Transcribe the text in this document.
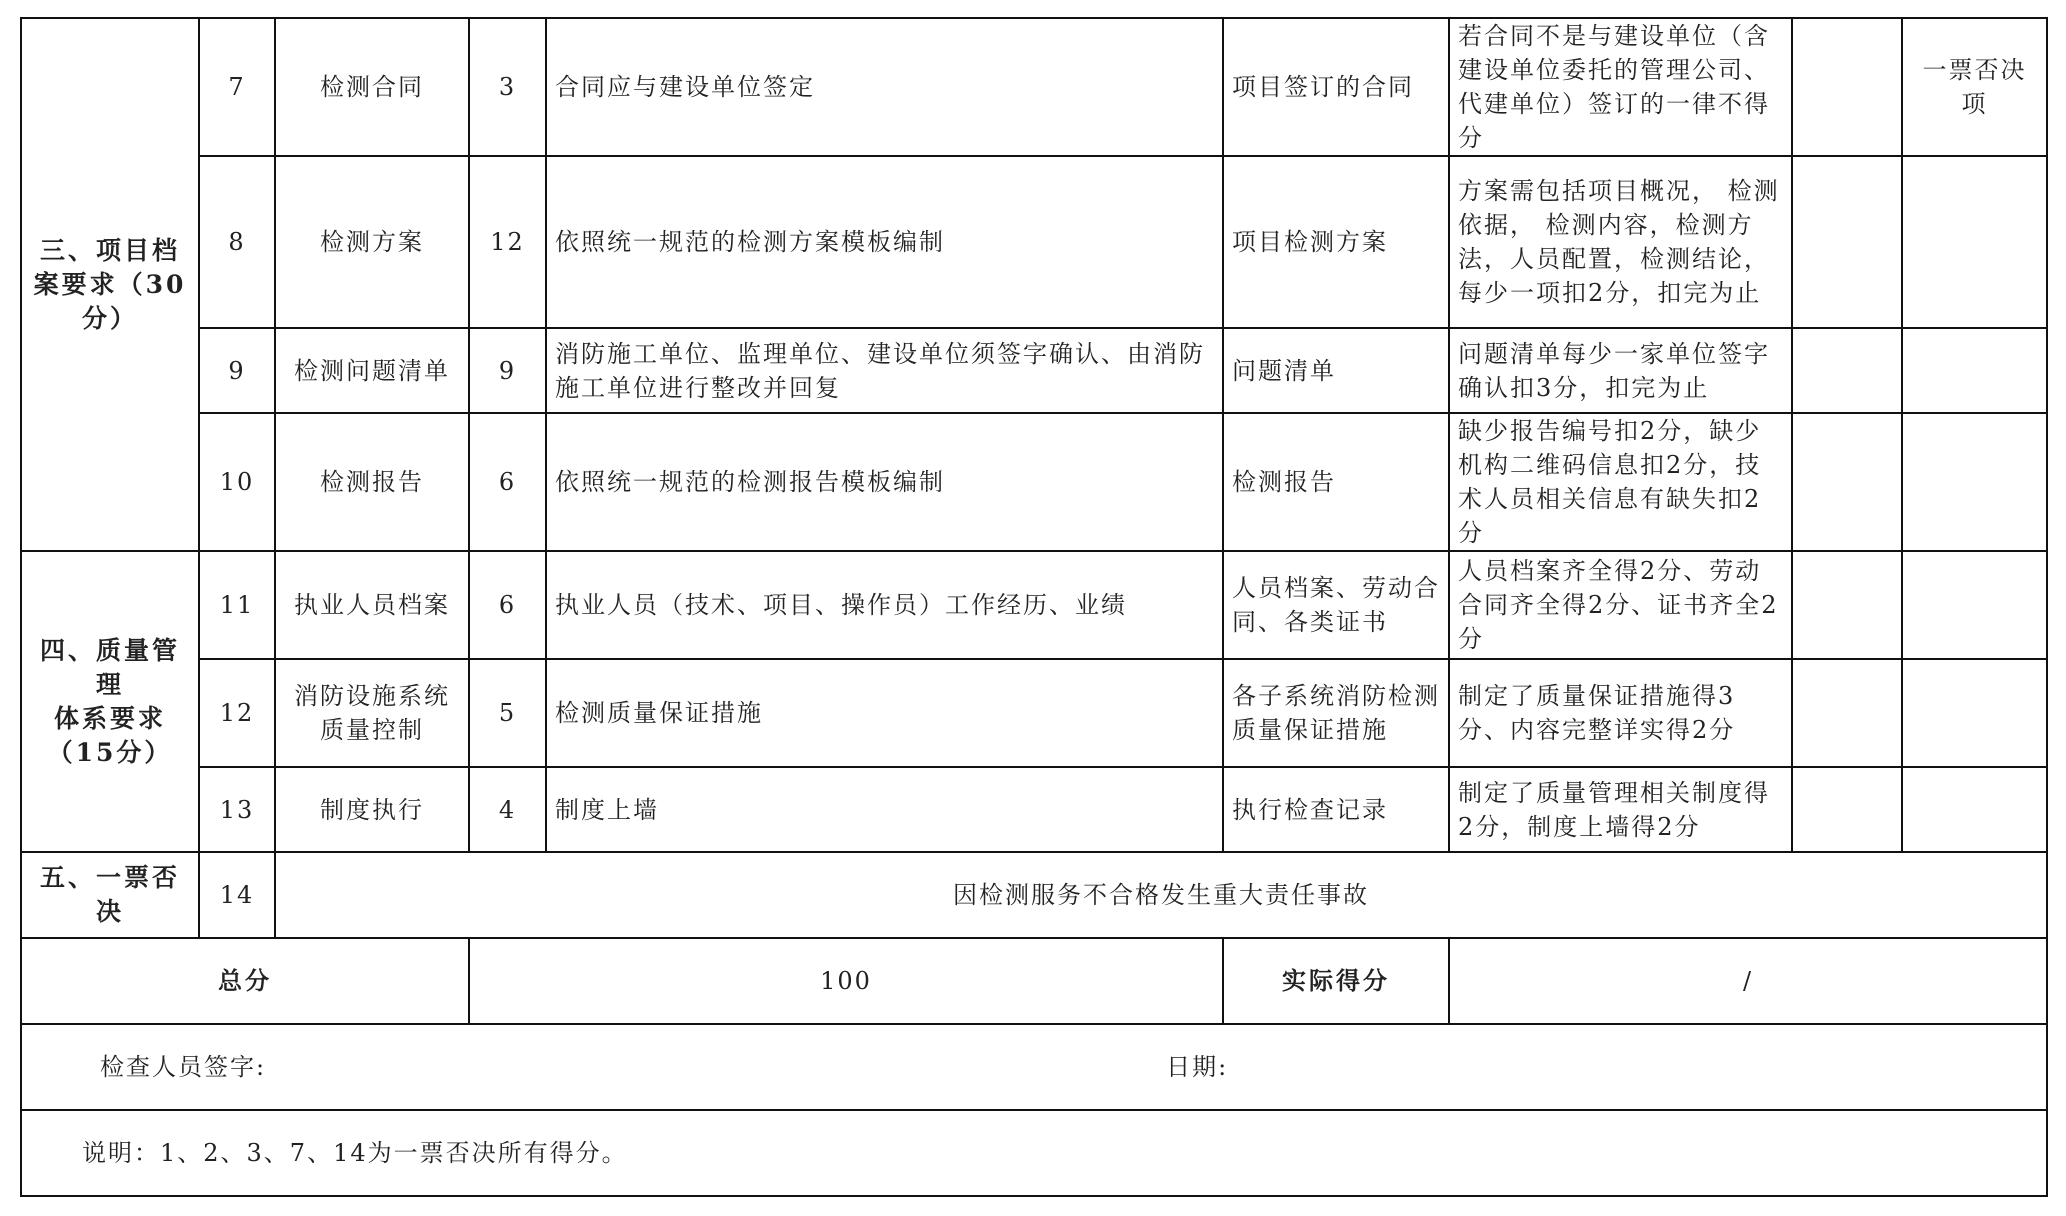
三、项目档案要求（30分）	7	检测合同	3	合同应与建设单位签定	项目签订的合同	若合同不是与建设单位（含建设单位委托的管理公司、代建单位）签订的一律不得分		一票否决项
	8	检测方案	12	依照统一规范的检测方案模板编制	项目检测方案	方案需包括项目概况， 检测依据， 检测内容，检测方法，人员配置，检测结论，每少一项扣2分，扣完为止		
	9	检测问题清单	9	消防施工单位、监理单位、建设单位须签字确认、由消防施工单位进行整改并回复	问题清单	问题清单每少一家单位签字确认扣3分，扣完为止		
	10	检测报告	6	依照统一规范的检测报告模板编制	检测报告	缺少报告编号扣2分，缺少机构二维码信息扣2分，技术人员相关信息有缺失扣2分		

四、质量管理
体系要求
（15分）	11	执业人员档案	6	执业人员（技术、项目、操作员）工作经历、业绩	人员档案、劳动合同、各类证书	人员档案齐全得2分、劳动合同齐全得2分、证书齐全2分		
	12	消防设施系统质量控制	5	检测质量保证措施	各子系统消防检测质量保证措施	制定了质量保证措施得3分、内容完整详实得2分		
	13	制度执行	4	制度上墙	执行检查记录	制定了质量管理相关制度得2分，制度上墙得2分		
五、一票否决	14	因检测服务不合格发生重大责任事故						
总分			100		实际得分	/		
检查人员签字: 日期:								
说明：1、2、3、7、14为一票否决所有得分。								
